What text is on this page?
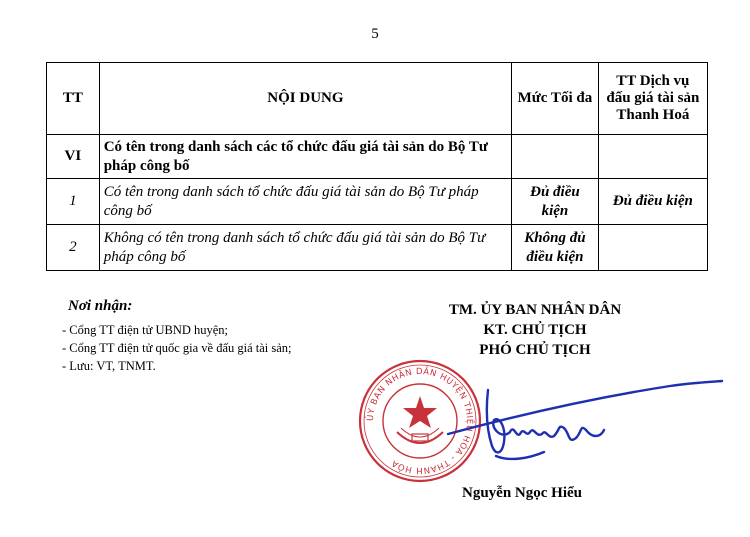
5
TT	NỘI DUNG	Mức Tối đa	TT Dịch vụ đấu giá tài sản Thanh Hoá
VI	Có tên trong danh sách các tổ chức đấu giá tài sản do Bộ Tư pháp công bố		
1	Có tên trong danh sách tổ chức đấu giá tài sản do Bộ Tư pháp công bố	Đủ điều kiện	Đủ điều kiện
2	Không có tên trong danh sách tổ chức đấu giá tài sản do Bộ Tư pháp công bố	Không đủ điều kiện	
Nơi nhận:
- Cổng TT điện tử UBND huyện;
- Cổng TT điện tử quốc gia về đấu giá tài sản;
- Lưu: VT, TNMT.
TM. ỦY BAN NHÂN DÂN
KT. CHỦ TỊCH
PHÓ CHỦ TỊCH
ỦY BAN NHÂN DÂN HUYỆN THIỆU HÓA - THANH HÓA
Nguyễn Ngọc Hiểu
